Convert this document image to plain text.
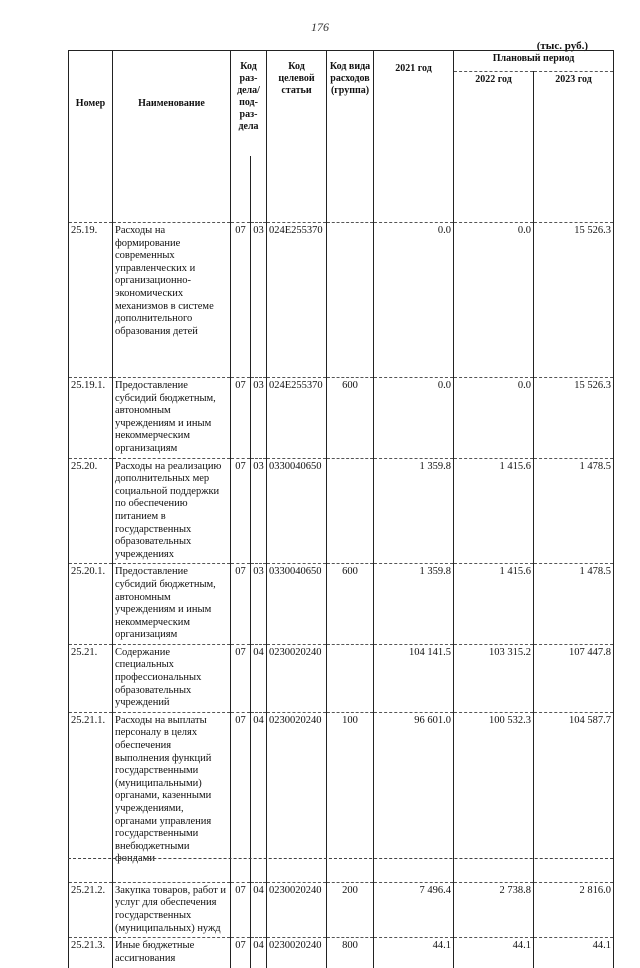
176
(тыс. руб.)
Номер	Наименование	Код раз-дела/ под-раз-дела		Код целевой статьи	Код вида расходов (группа)	2021 год	Плановый период	
							2022 год	2023 год

25.19.	Расходы на формирование современных управленческих и организационно-экономических механизмов в системе дополнительного образования детей	07	03	024E255370		0.0	0.0	15 526.3
25.19.1.	Предоставление субсидий бюджетным, автономным учреждениям и иным некоммерческим организациям	07	03	024E255370	600	0.0	0.0	15 526.3
25.20.	Расходы на реализацию дополнительных мер социальной поддержки по обеспечению питанием в государственных образовательных учреждениях	07	03	0330040650		1 359.8	1 415.6	1 478.5
25.20.1.	Предоставление субсидий бюджетным, автономным учреждениям и иным некоммерческим организациям	07	03	0330040650	600	1 359.8	1 415.6	1 478.5
25.21.	Содержание специальных профессиональных образовательных учреждений	07	04	0230020240		104 141.5	103 315.2	107 447.8
25.21.1.	Расходы на выплаты персоналу в целях обеспечения выполнения функций государственными (муниципальными) органами, казенными учреждениями, органами управления государственными внебюджетными фондами	07	04	0230020240	100	96 601.0	100 532.3	104 587.7
25.21.2.	Закупка товаров, работ и услуг для обеспечения государственных (муниципальных) нужд	07	04	0230020240	200	7 496.4	2 738.8	2 816.0
25.21.3.	Иные бюджетные ассигнования	07	04	0230020240	800	44.1	44.1	44.1
